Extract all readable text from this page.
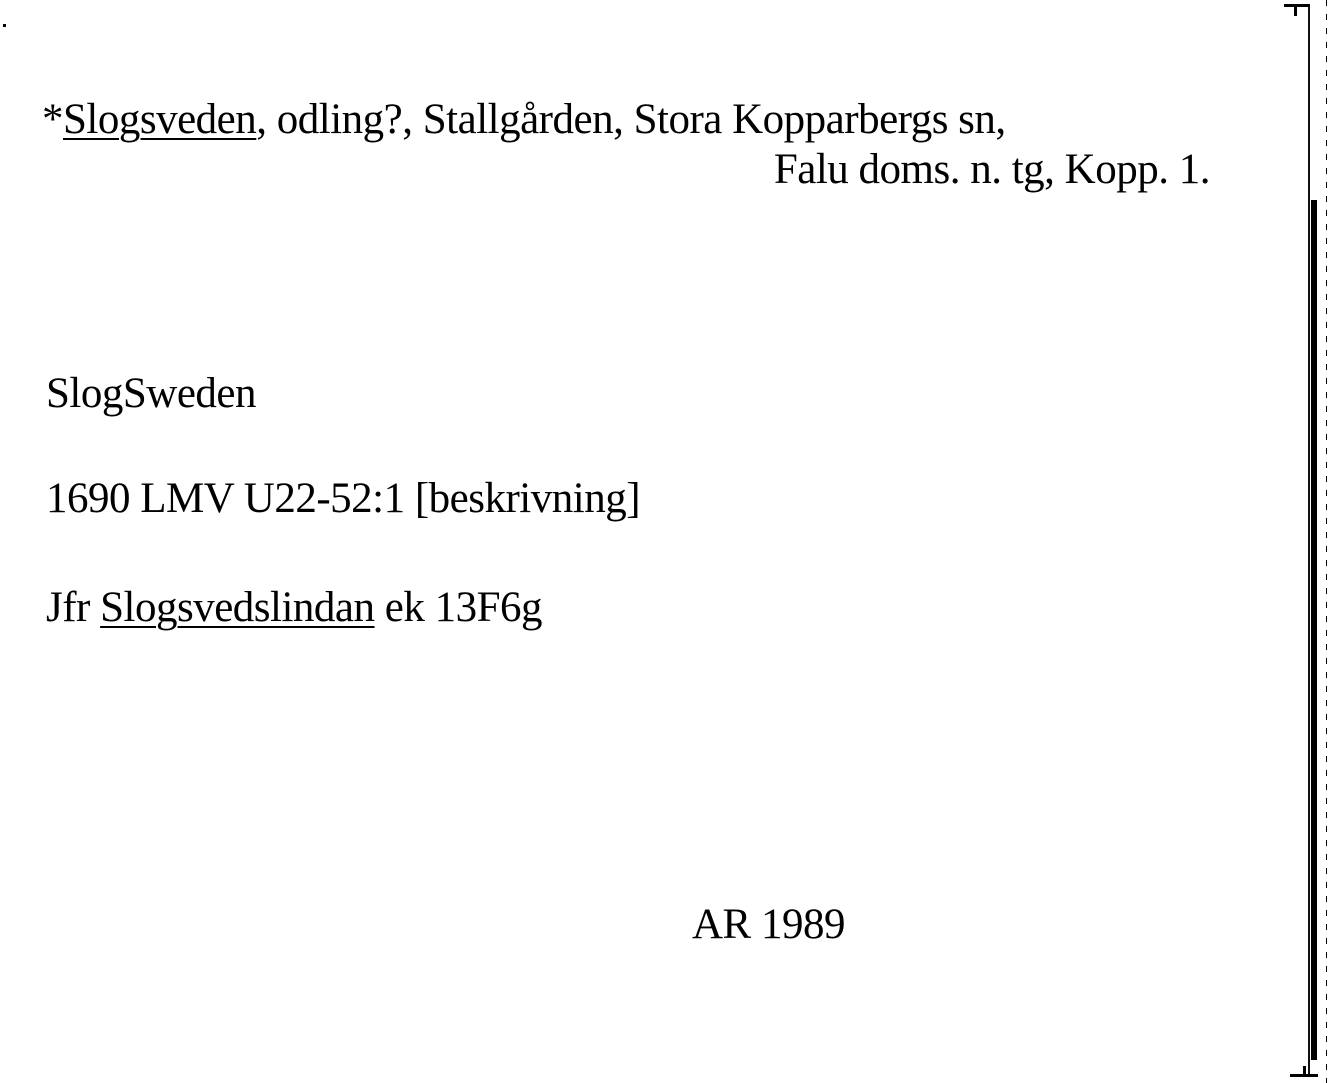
*Slogsveden, odling?, Stallgården, Stora Kopparbergs sn,

Falu doms. n. tg, Kopp. 1.

SlogSweden

1690 LMV U22-52:1 [beskrivning]

Jfr Slogsvedslindan ek 13F6g

AR 1989
